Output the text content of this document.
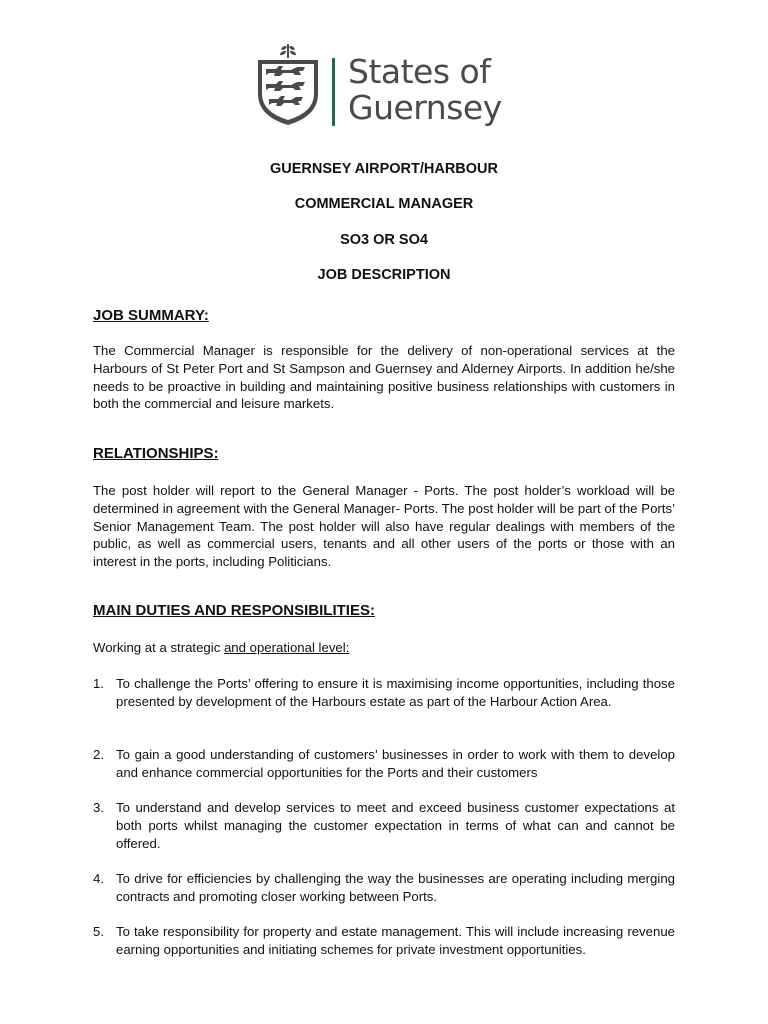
States of
Guernsey
GUERNSEY AIRPORT/HARBOUR
COMMERCIAL MANAGER
SO3 OR SO4
JOB DESCRIPTION
JOB SUMMARY:
The Commercial Manager is responsible for the delivery of non-operational services at the Harbours of St Peter Port and St Sampson and Guernsey and Alderney Airports. In addition he/she needs to be proactive in building and maintaining positive business relationships with customers in both the commercial and leisure markets.
RELATIONSHIPS:
The post holder will report to the General Manager - Ports. The post holder’s workload will be determined in agreement with the General Manager- Ports. The post holder will be part of the Ports’ Senior Management Team. The post holder will also have regular dealings with members of the public, as well as commercial users, tenants and all other users of the ports or those with an interest in the ports, including Politicians.
MAIN DUTIES AND RESPONSIBILITIES:
Working at a strategic and operational level:
1. To challenge the Ports’ offering to ensure it is maximising income opportunities, including those presented by development of the Harbours estate as part of the Harbour Action Area.
2. To gain a good understanding of customers’ businesses in order to work with them to develop and enhance commercial opportunities for the Ports and their customers
3. To understand and develop services to meet and exceed business customer expectations at both ports whilst managing the customer expectation in terms of what can and cannot be offered.
4. To drive for efficiencies by challenging the way the businesses are operating including merging contracts and promoting closer working between Ports.
5. To take responsibility for property and estate management. This will include increasing revenue earning opportunities and initiating schemes for private investment opportunities.
